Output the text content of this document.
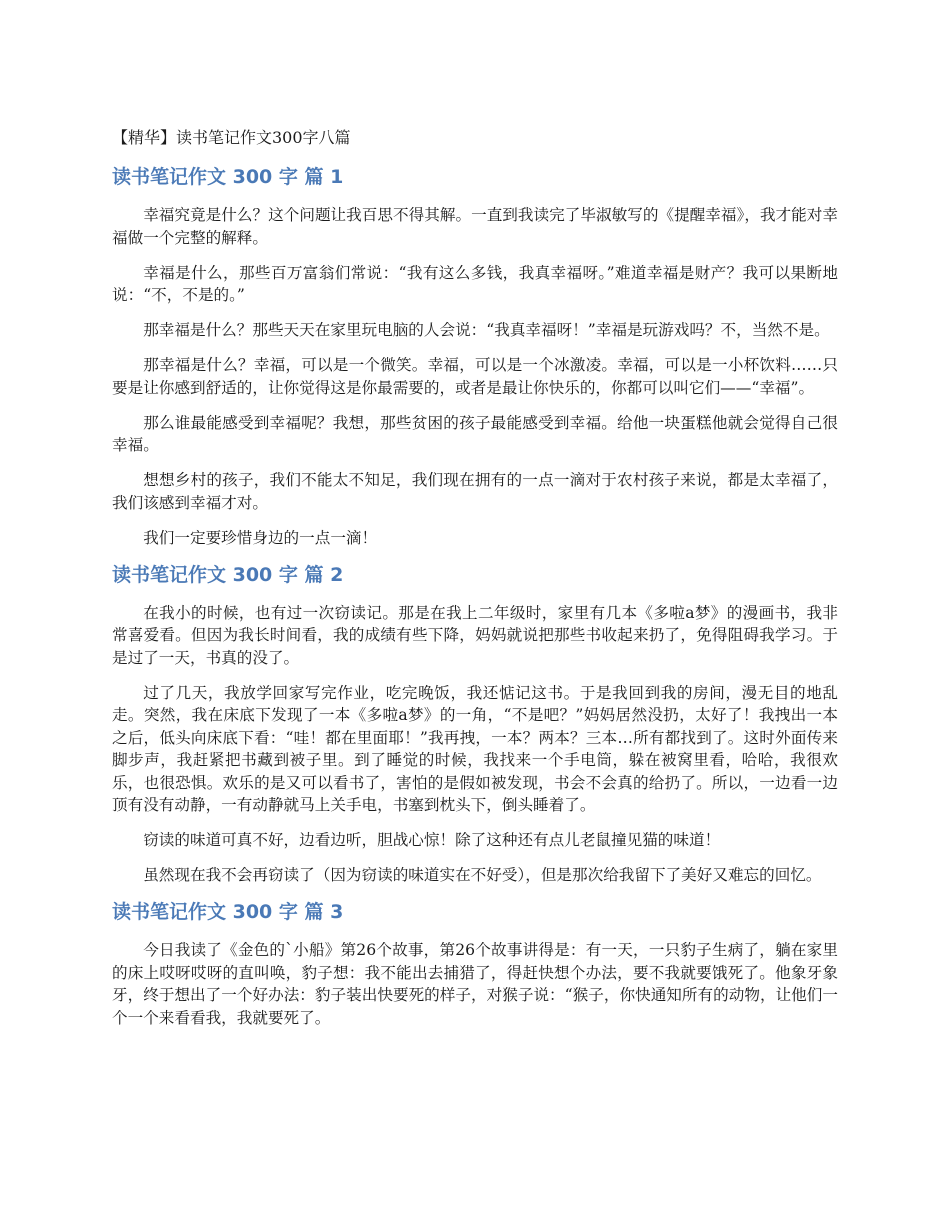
【精华】读书笔记作文300字八篇
读书笔记作文 300 字 篇 1

幸福究竟是什么？这个问题让我百思不得其解。一直到我读完了毕淑敏写的《提醒幸福》，我才能对幸福做一个完整的解释。

幸福是什么，那些百万富翁们常说：“我有这么多钱，我真幸福呀。”难道幸福是财产？我可以果断地说：“不，不是的。”

那幸福是什么？那些天天在家里玩电脑的人会说：“我真幸福呀！”幸福是玩游戏吗？不，当然不是。

那幸福是什么？幸福，可以是一个微笑。幸福，可以是一个冰激凌。幸福，可以是一小杯饮料……只要是让你感到舒适的，让你觉得这是你最需要的，或者是最让你快乐的，你都可以叫它们——“幸福”。

那么谁最能感受到幸福呢？我想，那些贫困的孩子最能感受到幸福。给他一块蛋糕他就会觉得自己很幸福。

想想乡村的孩子，我们不能太不知足，我们现在拥有的一点一滴对于农村孩子来说，都是太幸福了，我们该感到幸福才对。

我们一定要珍惜身边的一点一滴！

读书笔记作文 300 字 篇 2

在我小的时候，也有过一次窃读记。那是在我上二年级时，家里有几本《多啦a梦》的漫画书，我非常喜爱看。但因为我长时间看，我的成绩有些下降，妈妈就说把那些书收起来扔了，免得阻碍我学习。于是过了一天，书真的没了。

过了几天，我放学回家写完作业，吃完晚饭，我还惦记这书。于是我回到我的房间，漫无目的地乱走。突然，我在床底下发现了一本《多啦a梦》的一角，“不是吧？”妈妈居然没扔，太好了！我拽出一本之后，低头向床底下看：“哇！都在里面耶！”我再拽，一本？两本？三本…所有都找到了。这时外面传来脚步声，我赶紧把书藏到被子里。到了睡觉的时候，我找来一个手电筒，躲在被窝里看，哈哈，我很欢乐，也很恐惧。欢乐的是又可以看书了，害怕的是假如被发现，书会不会真的给扔了。所以，一边看一边顶有没有动静，一有动静就马上关手电，书塞到枕头下，倒头睡着了。

窃读的味道可真不好，边看边听，胆战心惊！除了这种还有点儿老鼠撞见猫的味道！

虽然现在我不会再窃读了（因为窃读的味道实在不好受），但是那次给我留下了美好又难忘的回忆。

读书笔记作文 300 字 篇 3

今日我读了《金色的`小船》第26个故事，第26个故事讲得是：有一天，一只豹子生病了，躺在家里的床上哎呀哎呀的直叫唤，豹子想：我不能出去捕猎了，得赶快想个办法，要不我就要饿死了。他象牙象牙，终于想出了一个好办法：豹子装出快要死的样子，对猴子说：“猴子，你快通知所有的动物，让他们一个一个来看看我，我就要死了。
